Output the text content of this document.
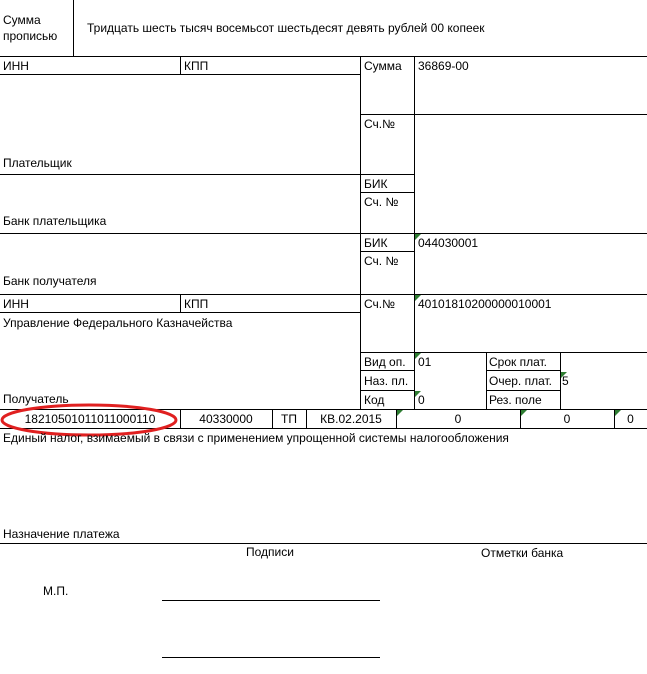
Сумма
прописью
Тридцать шесть тысяч восемьсот шестьдесят девять рублей 00 копеек
ИНН	КПП	Сумма 36869-00
Сч.№
Плательщик
БИК
Сч. №
Банк плательщика
БИК	044030001
Сч. №
Банк получателя
ИНН	КПП	Сч.№ 40101810200000010001
Управление Федерального Казначейства
Получатель
Вид оп. 01	Срок плат.
Наз. пл.	Очер. плат. 5
Код	0	Рез. поле
18210501011011000110	40330000	ТП	КВ.02.2015	0	0	0
Единый налог, взимаемый в связи с применением упрощенной системы налогообложения
Назначение платежа
Подписи	Отметки банка
М.П.
